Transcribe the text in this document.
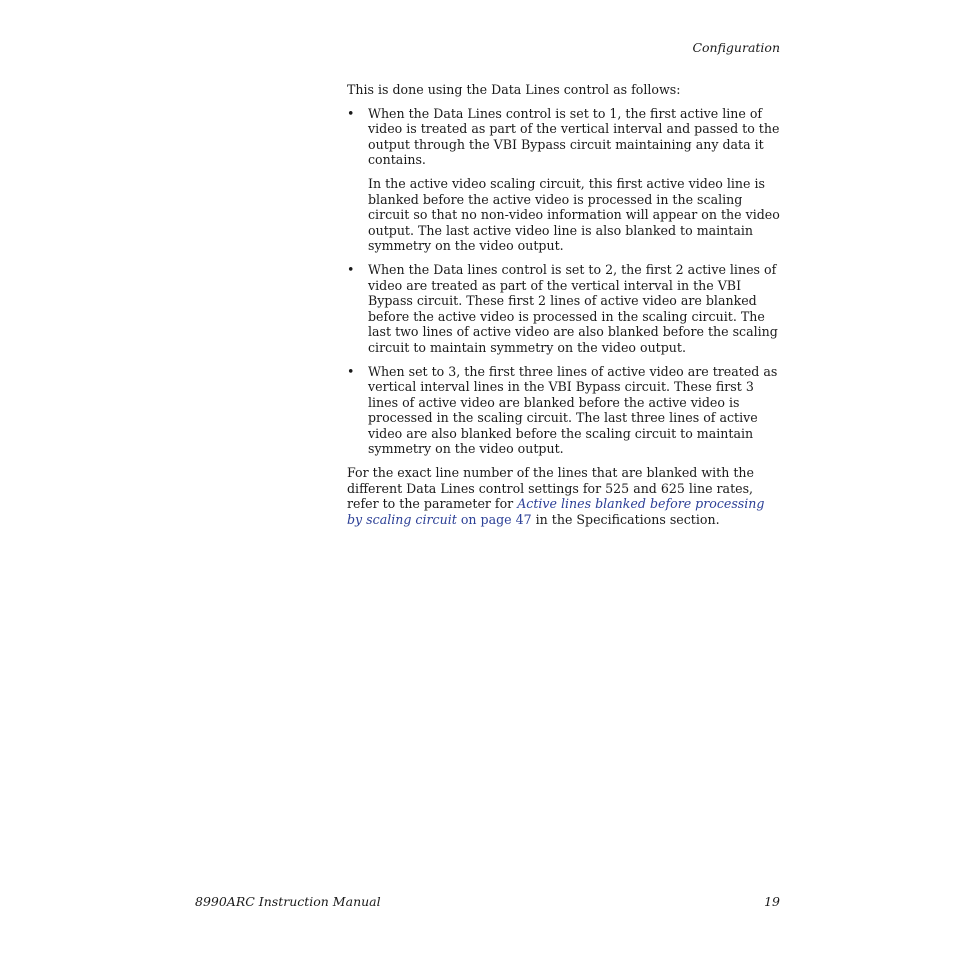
Configuration

This is done using the Data Lines control as follows:

• When the Data Lines control is set to 1, the first active line of video is treated as part of the vertical interval and passed to the output through the VBI Bypass circuit maintaining any data it contains.

In the active video scaling circuit, this first active video line is blanked before the active video is processed in the scaling circuit so that no non-video information will appear on the video output. The last active video line is also blanked to maintain symmetry on the video output.

• When the Data lines control is set to 2, the first 2 active lines of video are treated as part of the vertical interval in the VBI Bypass circuit. These first 2 lines of active video are blanked before the active video is processed in the scaling circuit. The last two lines of active video are also blanked before the scaling circuit to maintain symmetry on the video output.

• When set to 3, the first three lines of active video are treated as vertical interval lines in the VBI Bypass circuit. These first 3 lines of active video are blanked before the active video is processed in the scaling circuit. The last three lines of active video are also blanked before the scaling circuit to maintain symmetry on the video output.

For the exact line number of the lines that are blanked with the different Data Lines control settings for 525 and 625 line rates, refer to the parameter for Active lines blanked before processing by scaling circuit on page 47 in the Specifications section.

8990ARC Instruction Manual	19
